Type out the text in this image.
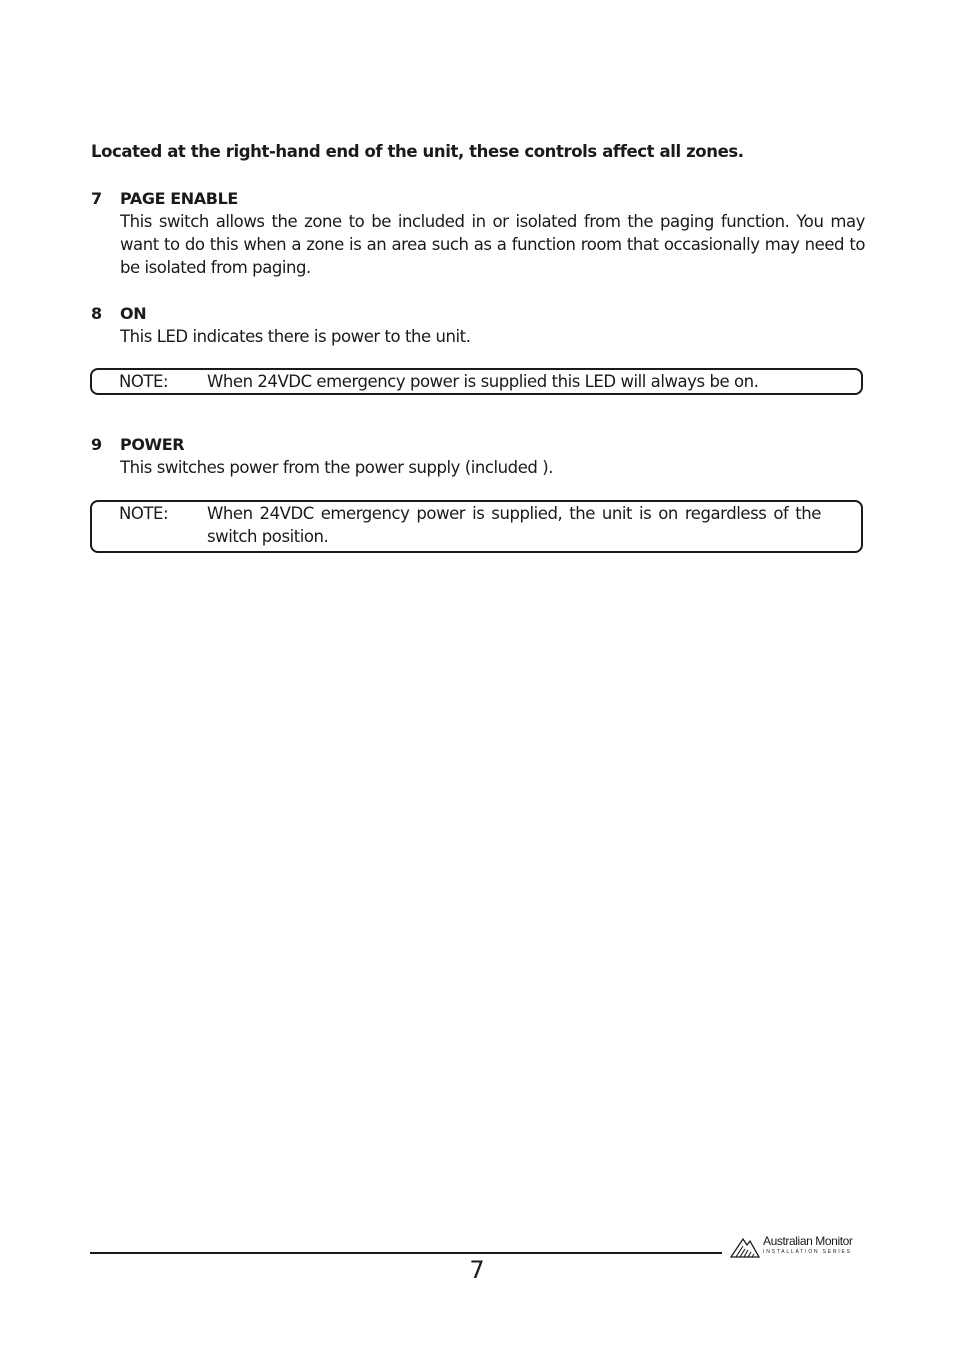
Located at the right-hand end of the unit, these controls affect all zones.
7	PAGE ENABLE
This switch allows the zone to be included in or isolated from the paging function. You may want to do this when a zone is an area such as a function room that occasionally may need to be isolated from paging.
8	ON
This LED indicates there is power to the unit.
NOTE:	When 24VDC emergency power is supplied this LED will always be on.
9	POWER
This switches power from the power supply (included ).
NOTE:	When 24VDC emergency power is supplied, the unit is on regardless of the switch position.
7
Australian Monitor
INSTALLATION SERIES
